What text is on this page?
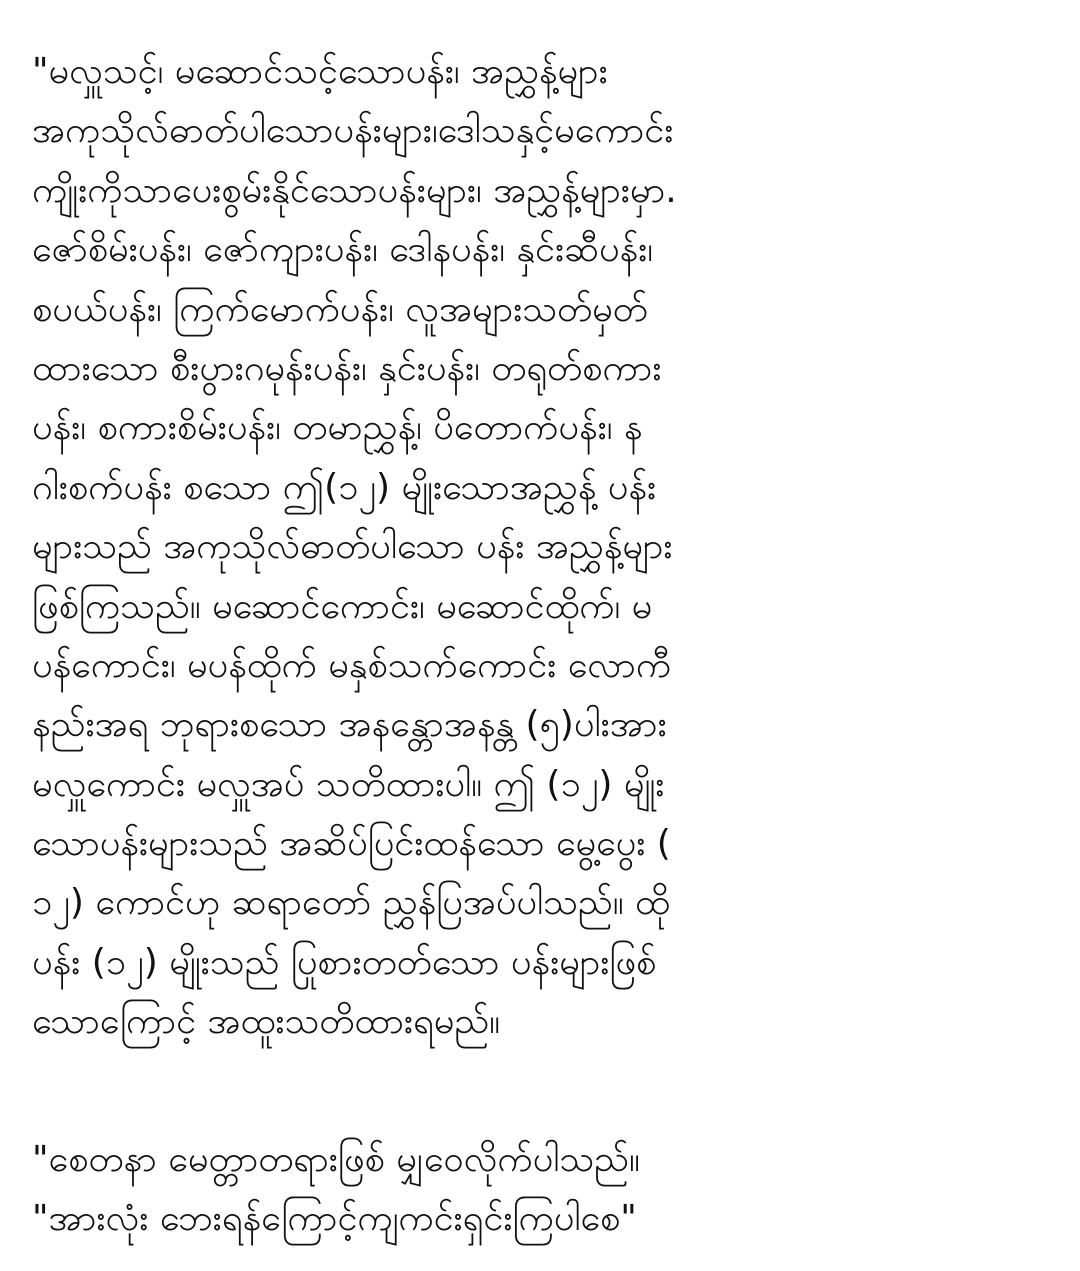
"မလှူသင့်၊ မဆောင်သင့်သောပန်း၊ အညွှန့်များ
အကုသိုလ်ဓာတ်ပါသောပန်းများ၊ဒေါသနှင့်မကောင်း
ကျိုးကိုသာပေးစွမ်းနိုင်သောပန်းများ၊ အညွှန့်များမှာ.
ဇော်စိမ်းပန်း၊ ဇော်ကျားပန်း၊ ဒေါနပန်း၊ နှင်းဆီပန်း၊
စပယ်ပန်း၊ ကြက်မောက်ပန်း၊ လူအများသတ်မှတ်
ထားသော စီးပွားဂမုန်းပန်း၊ နှင်းပန်း၊ တရုတ်စကား
ပန်း၊ စကားစိမ်းပန်း၊ တမာညွှန့်၊ ပိတောက်ပန်း၊ န
ဂါးစက်ပန်း စသော ဤ(၁၂) မျိုးသောအညွှန့် ပန်း
များသည် အကုသိုလ်ဓာတ်ပါသော ပန်း အညွှန့်များ
ဖြစ်ကြသည်။ မဆောင်ကောင်း၊ မဆောင်ထိုက်၊ မ
ပန်ကောင်း၊ မပန်ထိုက် မနှစ်သက်ကောင်း လောကီ
နည်းအရ ဘုရားစသော အနန္တောအနန္တ (၅)ပါးအား
မလှူကောင်း မလှူအပ် သတိထားပါ။ ဤ (၁၂) မျိုး
သောပန်းများသည် အဆိပ်ပြင်းထန်သော မွေ့ပွေး (
၁၂) ကောင်ဟု ဆရာတော် ညွှန်ပြအပ်ပါသည်။ ထို
ပန်း (၁၂) မျိုးသည် ပြုစားတတ်သော ပန်းများဖြစ်
သောကြောင့် အထူးသတိထားရမည်။
"စေတနာ မေတ္တာတရားဖြစ် မျှဝေလိုက်ပါသည်။
"အားလုံး ဘေးရန်ကြောင့်ကျကင်းရှင်းကြပါစေ"
